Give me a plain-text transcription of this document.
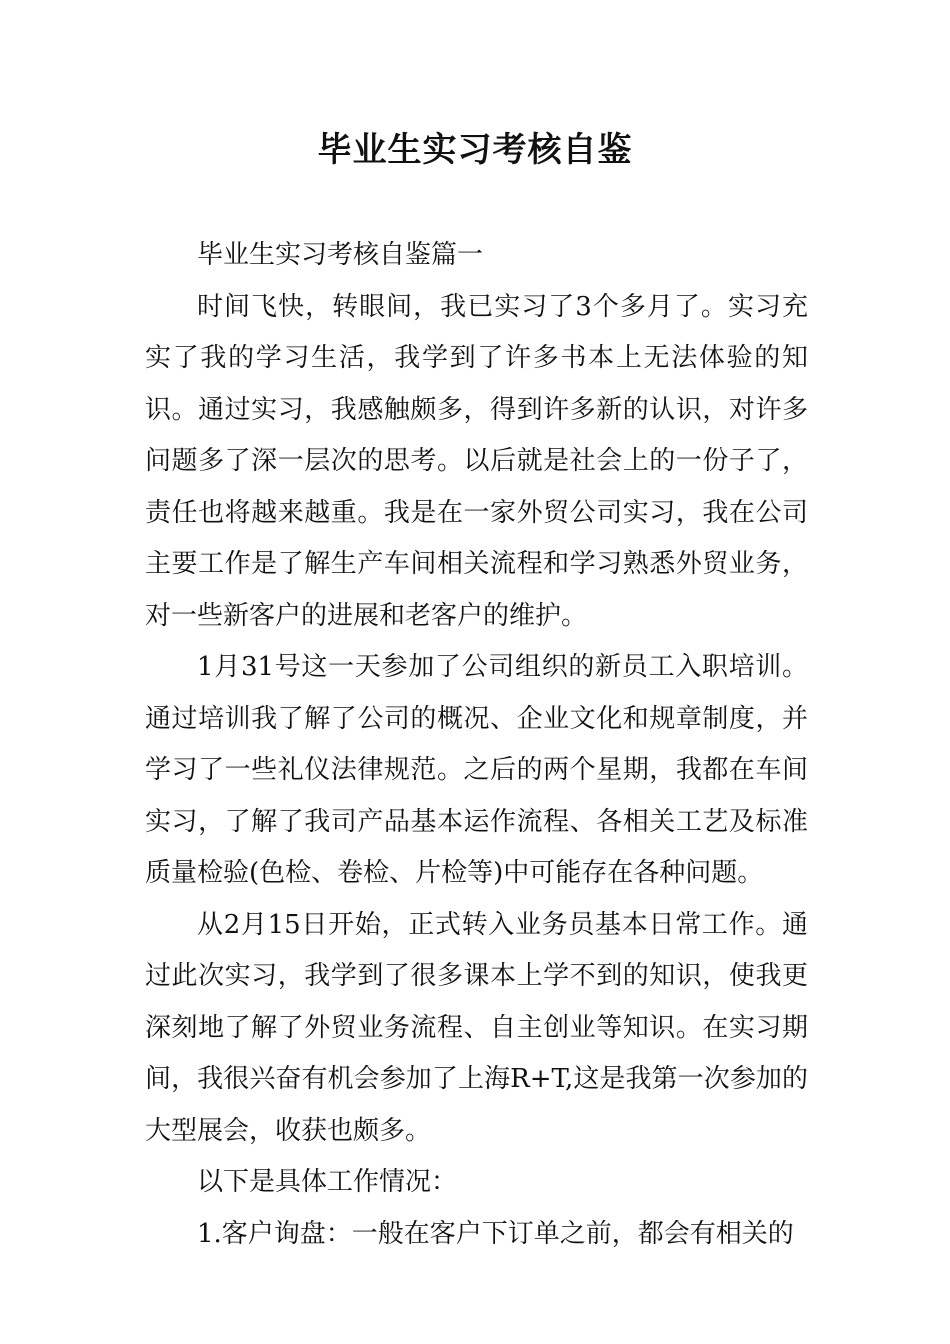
毕业生实习考核自鉴

毕业生实习考核自鉴篇一

时间飞快，转眼间，我已实习了3个多月了。实习充实了我的学习生活，我学到了许多书本上无法体验的知识。通过实习，我感触颇多，得到许多新的认识，对许多问题多了深一层次的思考。以后就是社会上的一份子了，责任也将越来越重。我是在一家外贸公司实习，我在公司主要工作是了解生产车间相关流程和学习熟悉外贸业务，对一些新客户的进展和老客户的维护。

1月31号这一天参加了公司组织的新员工入职培训。通过培训我了解了公司的概况、企业文化和规章制度，并学习了一些礼仪法律规范。之后的两个星期，我都在车间实习，了解了我司产品基本运作流程、各相关工艺及标准质量检验(色检、卷检、片检等)中可能存在各种问题。

从2月15日开始，正式转入业务员基本日常工作。通过此次实习，我学到了很多课本上学不到的知识，使我更深刻地了解了外贸业务流程、自主创业等知识。在实习期间，我很兴奋有机会参加了上海R+T,这是我第一次参加的大型展会，收获也颇多。

以下是具体工作情况：

1.客户询盘：一般在客户下订单之前，都会有相关的
